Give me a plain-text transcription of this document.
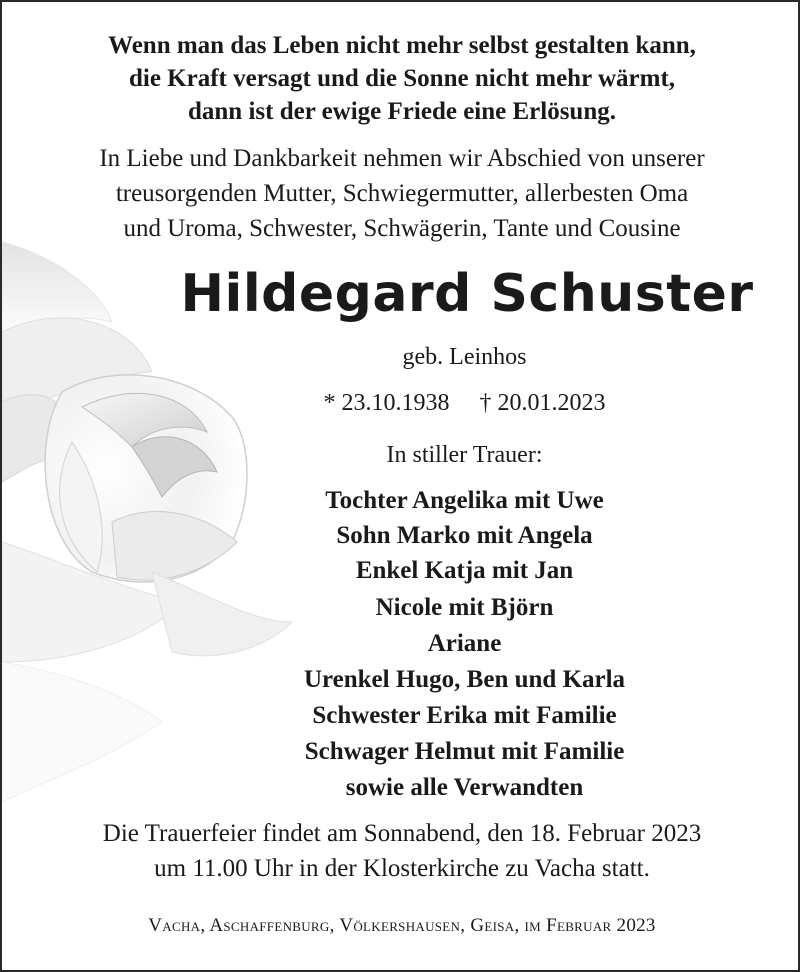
Wenn man das Leben nicht mehr selbst gestalten kann,
die Kraft versagt und die Sonne nicht mehr wärmt,
dann ist der ewige Friede eine Erlösung.
In Liebe und Dankbarkeit nehmen wir Abschied von unserer
treusorgenden Mutter, Schwiegermutter, allerbesten Oma
und Uroma, Schwester, Schwägerin, Tante und Cousine
Hildegard Schuster
geb. Leinhos
* 23.10.1938 † 20.01.2023
In stiller Trauer:
Tochter Angelika mit Uwe
Sohn Marko mit Angela
Enkel Katja mit Jan
Nicole mit Björn
Ariane
Urenkel Hugo, Ben und Karla
Schwester Erika mit Familie
Schwager Helmut mit Familie
sowie alle Verwandten
Die Trauerfeier findet am Sonnabend, den 18. Februar 2023
um 11.00 Uhr in der Klosterkirche zu Vacha statt.
Vacha, Aschaffenburg, Völkershausen, Geisa, im Februar 2023
